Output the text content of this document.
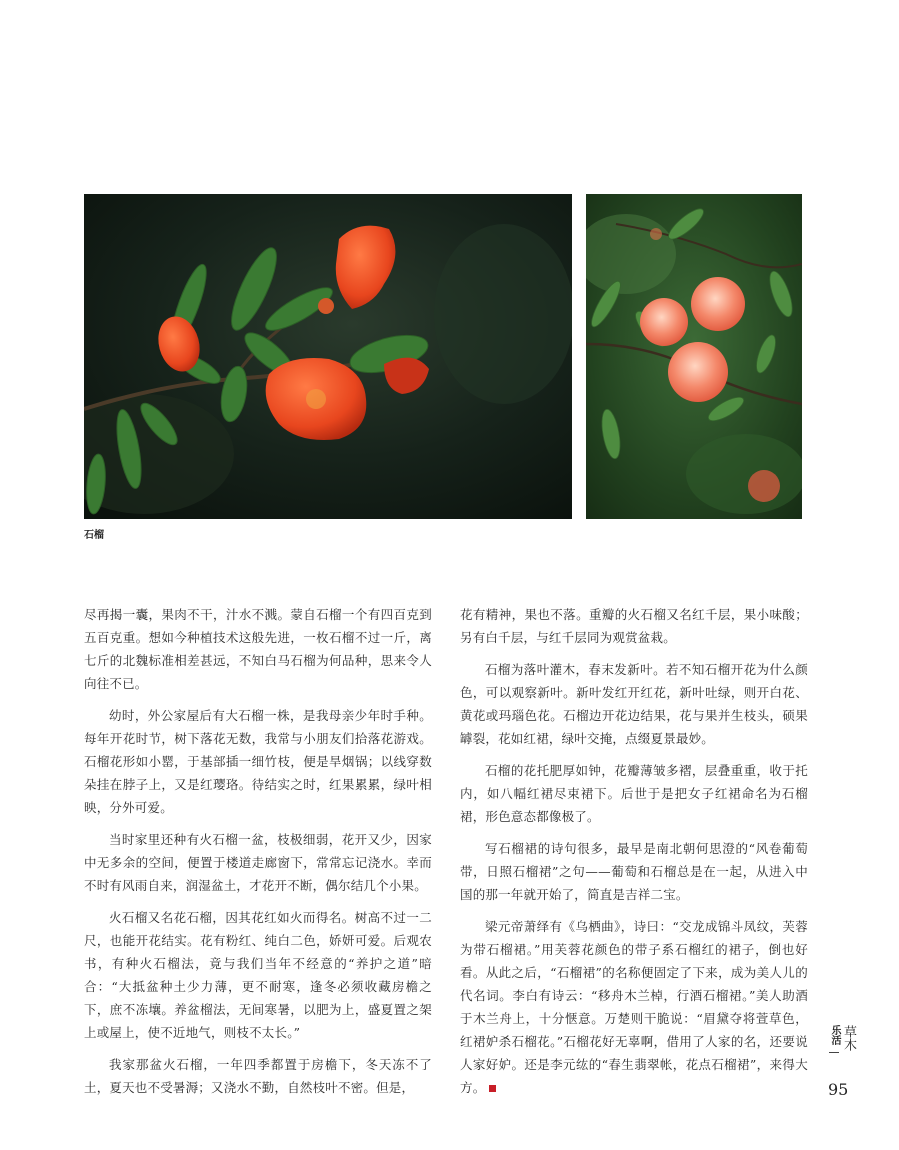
石榴

尽再揭一囊，果肉不干，汁水不溅。蒙自石榴一个有四百克到五百克重。想如今种植技术这般先进，一枚石榴不过一斤，离七斤的北魏标准相差甚远，不知白马石榴为何品种，思来令人向往不已。

幼时，外公家屋后有大石榴一株，是我母亲少年时手种。每年开花时节，树下落花无数，我常与小朋友们拾落花游戏。石榴花形如小罂，于基部插一细竹枝，便是旱烟锅；以线穿数朵挂在脖子上，又是红璎珞。待结实之时，红果累累，绿叶相映，分外可爱。

当时家里还种有火石榴一盆，枝极细弱，花开又少，因家中无多余的空间，便置于楼道走廊窗下，常常忘记浇水。幸而不时有风雨自来，润湿盆土，才花开不断，偶尔结几个小果。

火石榴又名花石榴，因其花红如火而得名。树高不过一二尺，也能开花结实。花有粉红、纯白二色，娇妍可爱。后观农书，有种火石榴法，竟与我们当年不经意的“养护之道”暗合：“大抵盆种土少力薄，更不耐寒，逢冬必须收藏房檐之下，庶不冻壤。养盆榴法，无间寒暑，以肥为上，盛夏置之架上或屋上，使不近地气，则枝不太长。”

我家那盆火石榴，一年四季都置于房檐下，冬天冻不了土，夏天也不受暑溽；又浇水不勤，自然枝叶不密。但是，

花有精神，果也不落。重瓣的火石榴又名红千层，果小味酸；另有白千层，与红千层同为观赏盆栽。

石榴为落叶灌木，春末发新叶。若不知石榴开花为什么颜色，可以观察新叶。新叶发红开红花，新叶吐绿，则开白花、黄花或玛瑙色花。石榴边开花边结果，花与果并生枝头，硕果罅裂，花如红裙，绿叶交掩，点缀夏景最妙。

石榴的花托肥厚如钟，花瓣薄皱多褶，层叠重重，收于托内，如八幅红裙尽束裙下。后世于是把女子红裙命名为石榴裙，形色意态都像极了。

写石榴裙的诗句很多，最早是南北朝何思澄的“风卷葡萄带，日照石榴裙”之句——葡萄和石榴总是在一起，从进入中国的那一年就开始了，简直是吉祥二宝。

梁元帝萧绎有《乌栖曲》，诗曰：“交龙成锦斗凤纹，芙蓉为带石榴裙。”用芙蓉花颜色的带子系石榴红的裙子，倒也好看。从此之后，“石榴裙”的名称便固定了下来，成为美人儿的代名词。李白有诗云：“移舟木兰棹，行酒石榴裙。”美人助酒于木兰舟上，十分惬意。万楚则干脆说：“眉黛夺将萱草色，红裙妒杀石榴花。”石榴花好无辜啊，借用了人家的名，还要说人家好妒。还是李元纮的“春生翡翠帐，花点石榴裙”，来得大方。

乐活 草木
95
